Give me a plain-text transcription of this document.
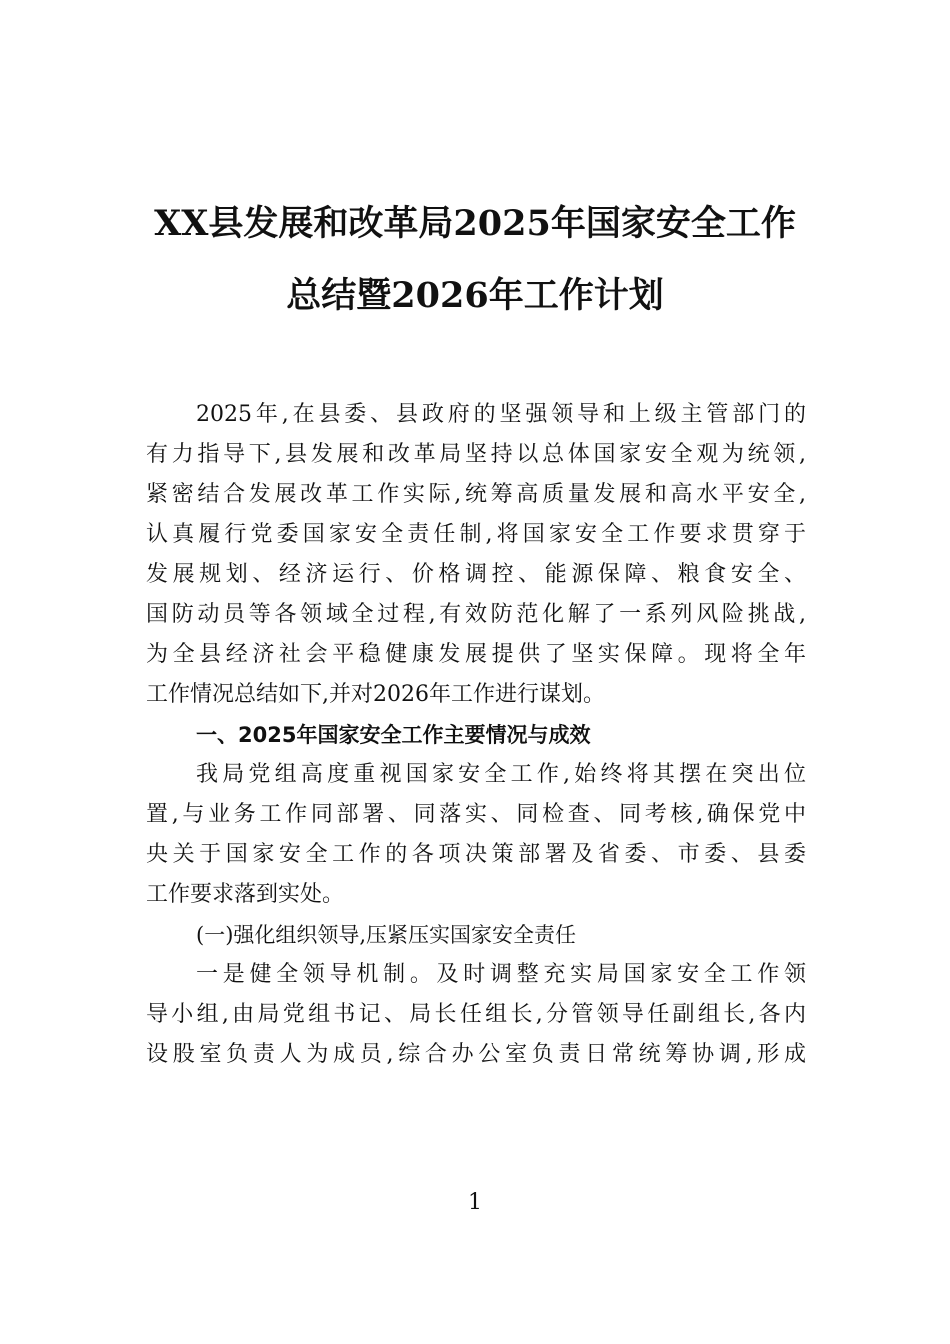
XX县发展和改革局2025年国家安全工作
总结暨2026年工作计划
2025年,在县委、县政府的坚强领导和上级主管部门的
有力指导下,县发展和改革局坚持以总体国家安全观为统领,
紧密结合发展改革工作实际,统筹高质量发展和高水平安全,
认真履行党委国家安全责任制,将国家安全工作要求贯穿于
发展规划、经济运行、价格调控、能源保障、粮食安全、
国防动员等各领域全过程,有效防范化解了一系列风险挑战,
为全县经济社会平稳健康发展提供了坚实保障。现将全年
工作情况总结如下,并对2026年工作进行谋划。
一、2025年国家安全工作主要情况与成效
我局党组高度重视国家安全工作,始终将其摆在突出位
置,与业务工作同部署、同落实、同检查、同考核,确保党中
央关于国家安全工作的各项决策部署及省委、市委、县委
工作要求落到实处。
(一)强化组织领导,压紧压实国家安全责任
一是健全领导机制。及时调整充实局国家安全工作领
导小组,由局党组书记、局长任组长,分管领导任副组长,各内
设股室负责人为成员,综合办公室负责日常统筹协调,形成
1
